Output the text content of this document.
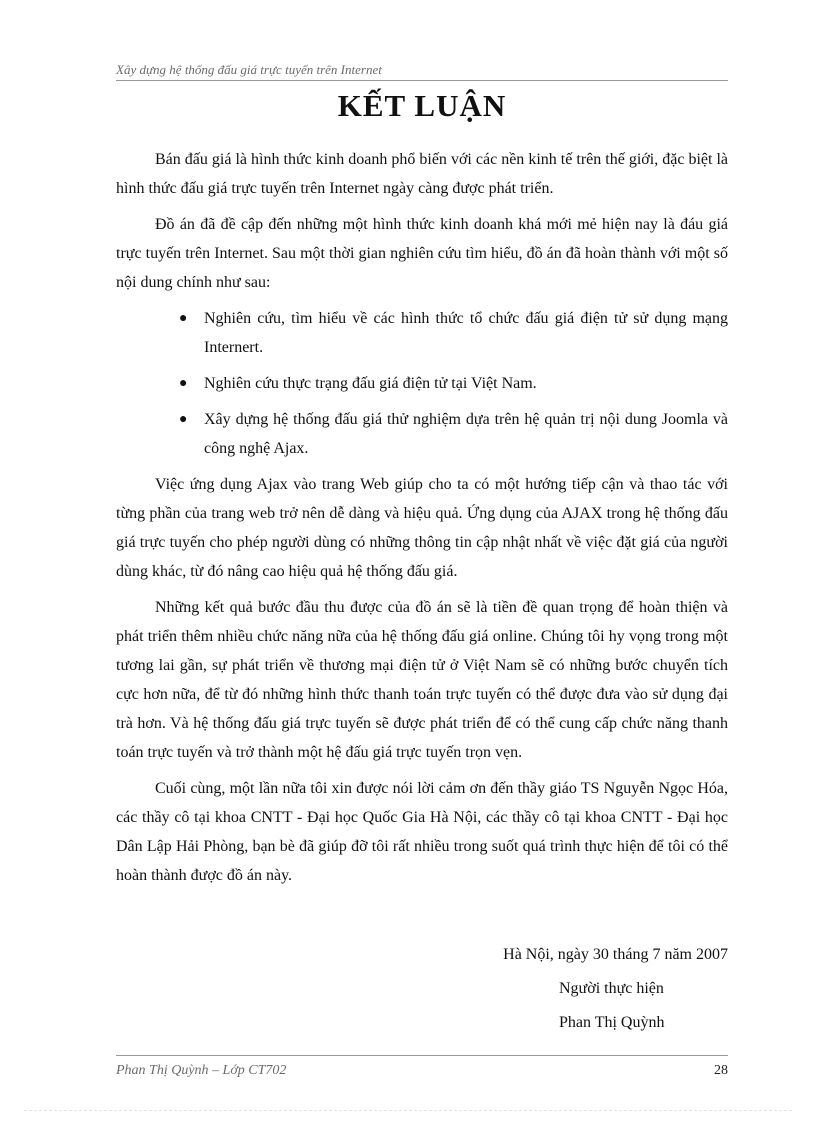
Xây dựng hệ thống đấu giá trực tuyến trên Internet
KẾT LUẬN

Bán đấu giá là hình thức kinh doanh phổ biến với các nền kinh tế trên thế giới, đặc biệt là hình thức đấu giá trực tuyến trên Internet ngày càng được phát triển.

Đồ án đã đề cập đến những một hình thức kinh doanh khá mới mẻ hiện nay là đáu giá trực tuyến trên Internet. Sau một thời gian nghiên cứu tìm hiểu, đồ án đã hoàn thành với một số nội dung chính như sau:

● Nghiên cứu, tìm hiểu về các hình thức tổ chức đấu giá điện tử sử dụng mạng Internert.
● Nghiên cứu thực trạng đấu giá điện tử tại Việt Nam.
● Xây dựng hệ thống đấu giá thử nghiệm dựa trên hệ quản trị nội dung Joomla và công nghệ Ajax.

Việc ứng dụng Ajax vào trang Web giúp cho ta có một hướng tiếp cận và thao tác với từng phần của trang web trở nên dễ dàng và hiệu quả. Ứng dụng của AJAX trong hệ thống đấu giá trực tuyến cho phép người dùng có những thông tin cập nhật nhất về việc đặt giá của người dùng khác, từ đó nâng cao hiệu quả hệ thống đấu giá.

Những kết quả bước đầu thu được của đồ án sẽ là tiền đề quan trọng để hoàn thiện và phát triển thêm nhiều chức năng nữa của hệ thống đấu giá online. Chúng tôi hy vọng trong một tương lai gần, sự phát triển về thương mại điện tử ở Việt Nam sẽ có những bước chuyển tích cực hơn nữa, để từ đó những hình thức thanh toán trực tuyến có thể được đưa vào sử dụng đại trà hơn. Và hệ thống đấu giá trực tuyến sẽ được phát triển để có thể cung cấp chức năng thanh toán trực tuyến và trở thành một hệ đấu giá trực tuyến trọn vẹn.

Cuối cùng, một lần nữa tôi xin được nói lời cảm ơn đến thầy giáo TS Nguyễn Ngọc Hóa, các thầy cô tại khoa CNTT - Đại học Quốc Gia Hà Nội, các thầy cô tại khoa CNTT - Đại học Dân Lập Hải Phòng, bạn bè đã giúp đỡ tôi rất nhiều trong suốt quá trình thực hiện để tôi có thể hoàn thành được đồ án này.

Hà Nội, ngày 30 tháng 7 năm 2007
Người thực hiện
Phan Thị Quỳnh
Phan Thị Quỳnh – Lớp CT702	28
